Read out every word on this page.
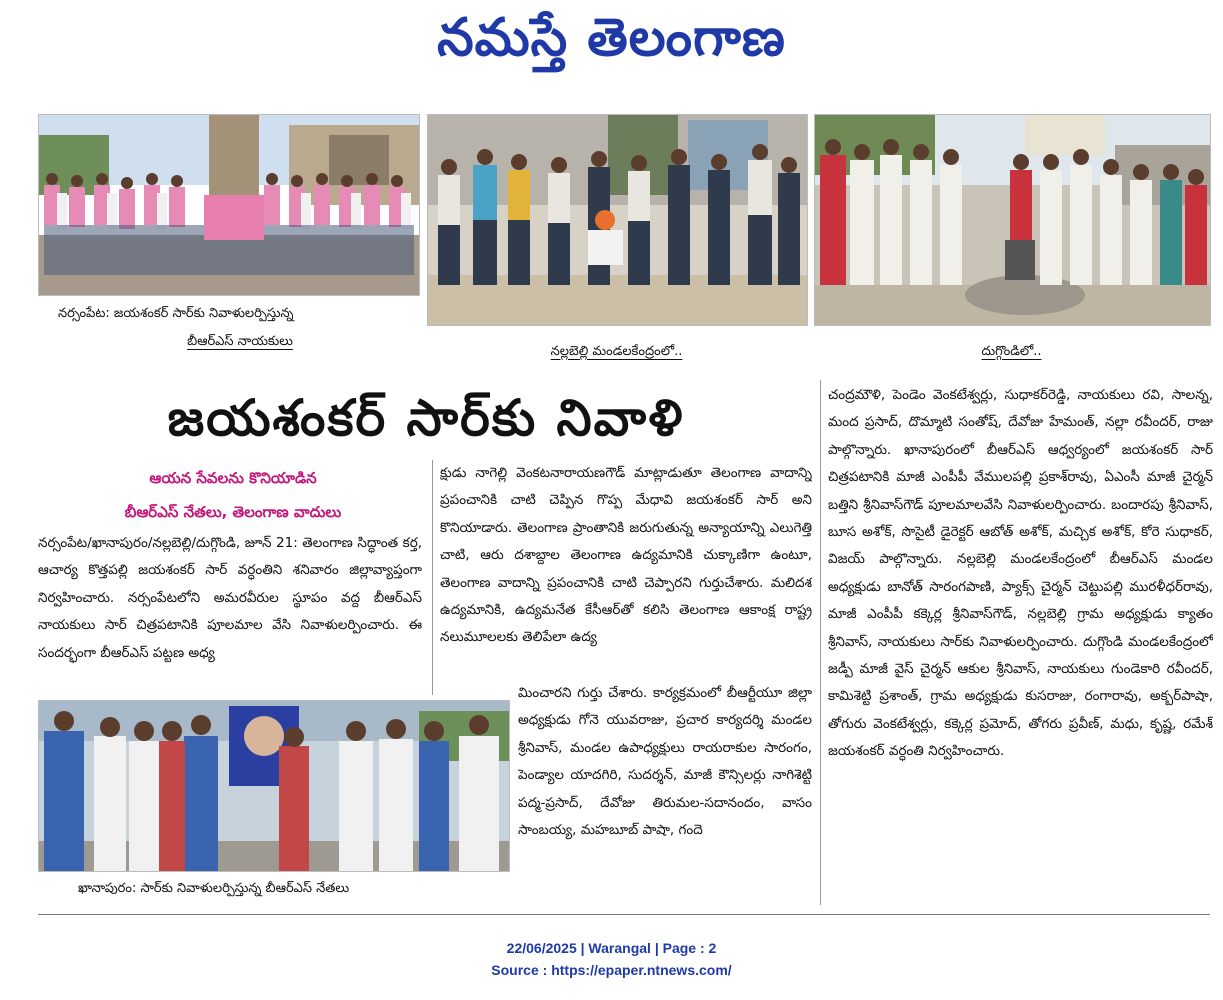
నమస్తే తెలంగాణ
నర్సంపేట: జయశంకర్ సార్‌కు నివాళులర్పిస్తున్న
బీఆర్ఎస్ నాయకులు
నల్లబెల్లి మండలకేంద్రంలో..	దుగ్గొండిలో..
జయశంకర్ సార్‌కు నివాళి
ఆయన సేవలను కొనియాడిన
బీఆర్ఎస్ నేతలు, తెలంగాణ వాదులు
నర్సంపేట/ఖానాపురం/నల్లబెల్లి/దుగ్గొండి, జూన్ 21: తెలంగాణ సిద్ధాంత కర్త, ఆచార్య కొత్తపల్లి జయశంకర్ సార్ వర్ధంతిని శనివారం జిల్లావ్యాప్తంగా నిర్వహించారు. నర్సంపేటలోని అమరవీరుల స్థూపం వద్ద బీఆర్ఎస్ నాయకులు సార్ చిత్రపటానికి పూలమాల వేసి నివాళులర్పించారు. ఈ సందర్భంగా బీఆర్ఎస్ పట్టణ అధ్య
క్షుడు నాగెల్లి వెంకటనారాయణగౌడ్ మాట్లాడుతూ తెలంగాణ వాదాన్ని ప్రపంచానికి చాటి చెప్పిన గొప్ప మేధావి జయశంకర్ సార్ అని కొనియాడారు. తెలంగాణ ప్రాంతానికి జరుగుతున్న అన్యాయాన్ని ఎలుగెత్తి చాటి, ఆరు దశాబ్దాల తెలంగాణ ఉద్యమానికి చుక్కాణిగా ఉంటూ, తెలంగాణ వాదాన్ని ప్రపంచానికి చాటి చెప్పారని గుర్తుచేశారు. మలిదశ ఉద్యమానికి, ఉద్యమనేత కేసీఆర్‌తో కలిసి తెలంగాణ ఆకాంక్ష రాష్ట్ర నలుమూలలకు తెలిపేలా ఉద్య
మించారని గుర్తు చేశారు. కార్యక్రమంలో బీఆర్టీయూ జిల్లా అధ్యక్షుడు గోనె యువరాజు, ప్రచార కార్యదర్శి మండల శ్రీనివాస్, మండల ఉపాధ్యక్షులు రాయరాకుల సారంగం, పెండ్యాల యాదగిరి, సుదర్శన్, మాజీ కౌన్సిలర్లు నాగిశెట్టి పద్మ-ప్రసాద్, దేవోజు తిరుమల-సదానందం, వాసం సాంబయ్య, మహబూబ్ పాషా, గందె
చంద్రమౌళి, పెండెం వెంకటేశ్వర్లు, సుధాకర్‌రెడ్డి, నాయకులు రవి, సాలన్న, మంద ప్రసాద్, దొమ్మాటి సంతోష్, దేవోజు హేమంత్, నల్లా రవీందర్, రాజు పాల్గొన్నారు. ఖానాపురంలో బీఆర్ఎస్ ఆధ్వర్యంలో జయశంకర్ సార్ చిత్రపటానికి మాజీ ఎంపీపీ వేములపల్లి ప్రకాశ్‌రావు, ఏఎంసీ మాజీ చైర్మన్ బత్తిని శ్రీనివాస్‌గౌడ్ పూలమాలవేసి నివాళులర్పించారు. బందారపు శ్రీనివాస్, బూస అశోక్, సొసైటీ డైరెక్టర్ ఆబోత్ అశోక్, మచ్చిక అశోక్, కోరె సుధాకర్, విజయ్ పాల్గొన్నారు. నల్లబెల్లి మండలకేంద్రంలో బీఆర్ఎస్ మండల అధ్యక్షుడు బానోత్ సారంగపాణి, ప్యాక్స్ చైర్మన్ చెట్టుపల్లి మురళీధర్‌రావు, మాజీ ఎంపీపీ కక్కెర్ల శ్రీనివాస్‌గౌడ్, నల్లబెల్లి గ్రామ అధ్యక్షుడు క్యాతం శ్రీనివాస్, నాయకులు సార్‌కు నివాళులర్పించారు. దుగ్గొండి మండలకేంద్రంలో జడ్పీ మాజీ వైస్ చైర్మన్ ఆకుల శ్రీనివాస్, నాయకులు గుండెకారి రవీందర్, కామిశెట్టి ప్రశాంత్, గ్రామ అధ్యక్షుడు కుసరాజు, రంగారావు, అక్బర్‌పాషా, తోగురు వెంకటేశ్వర్లు, కక్కెర్ల ప్రమోద్, తోగరు ప్రవీణ్, మధు, కృష్ణ, రమేశ్ జయశంకర్ వర్ధంతి నిర్వహించారు.
ఖానాపురం: సార్‌కు నివాళులర్పిస్తున్న బీఆర్ఎస్ నేతలు
22/06/2025 | Warangal | Page : 2
Source : https://epaper.ntnews.com/
